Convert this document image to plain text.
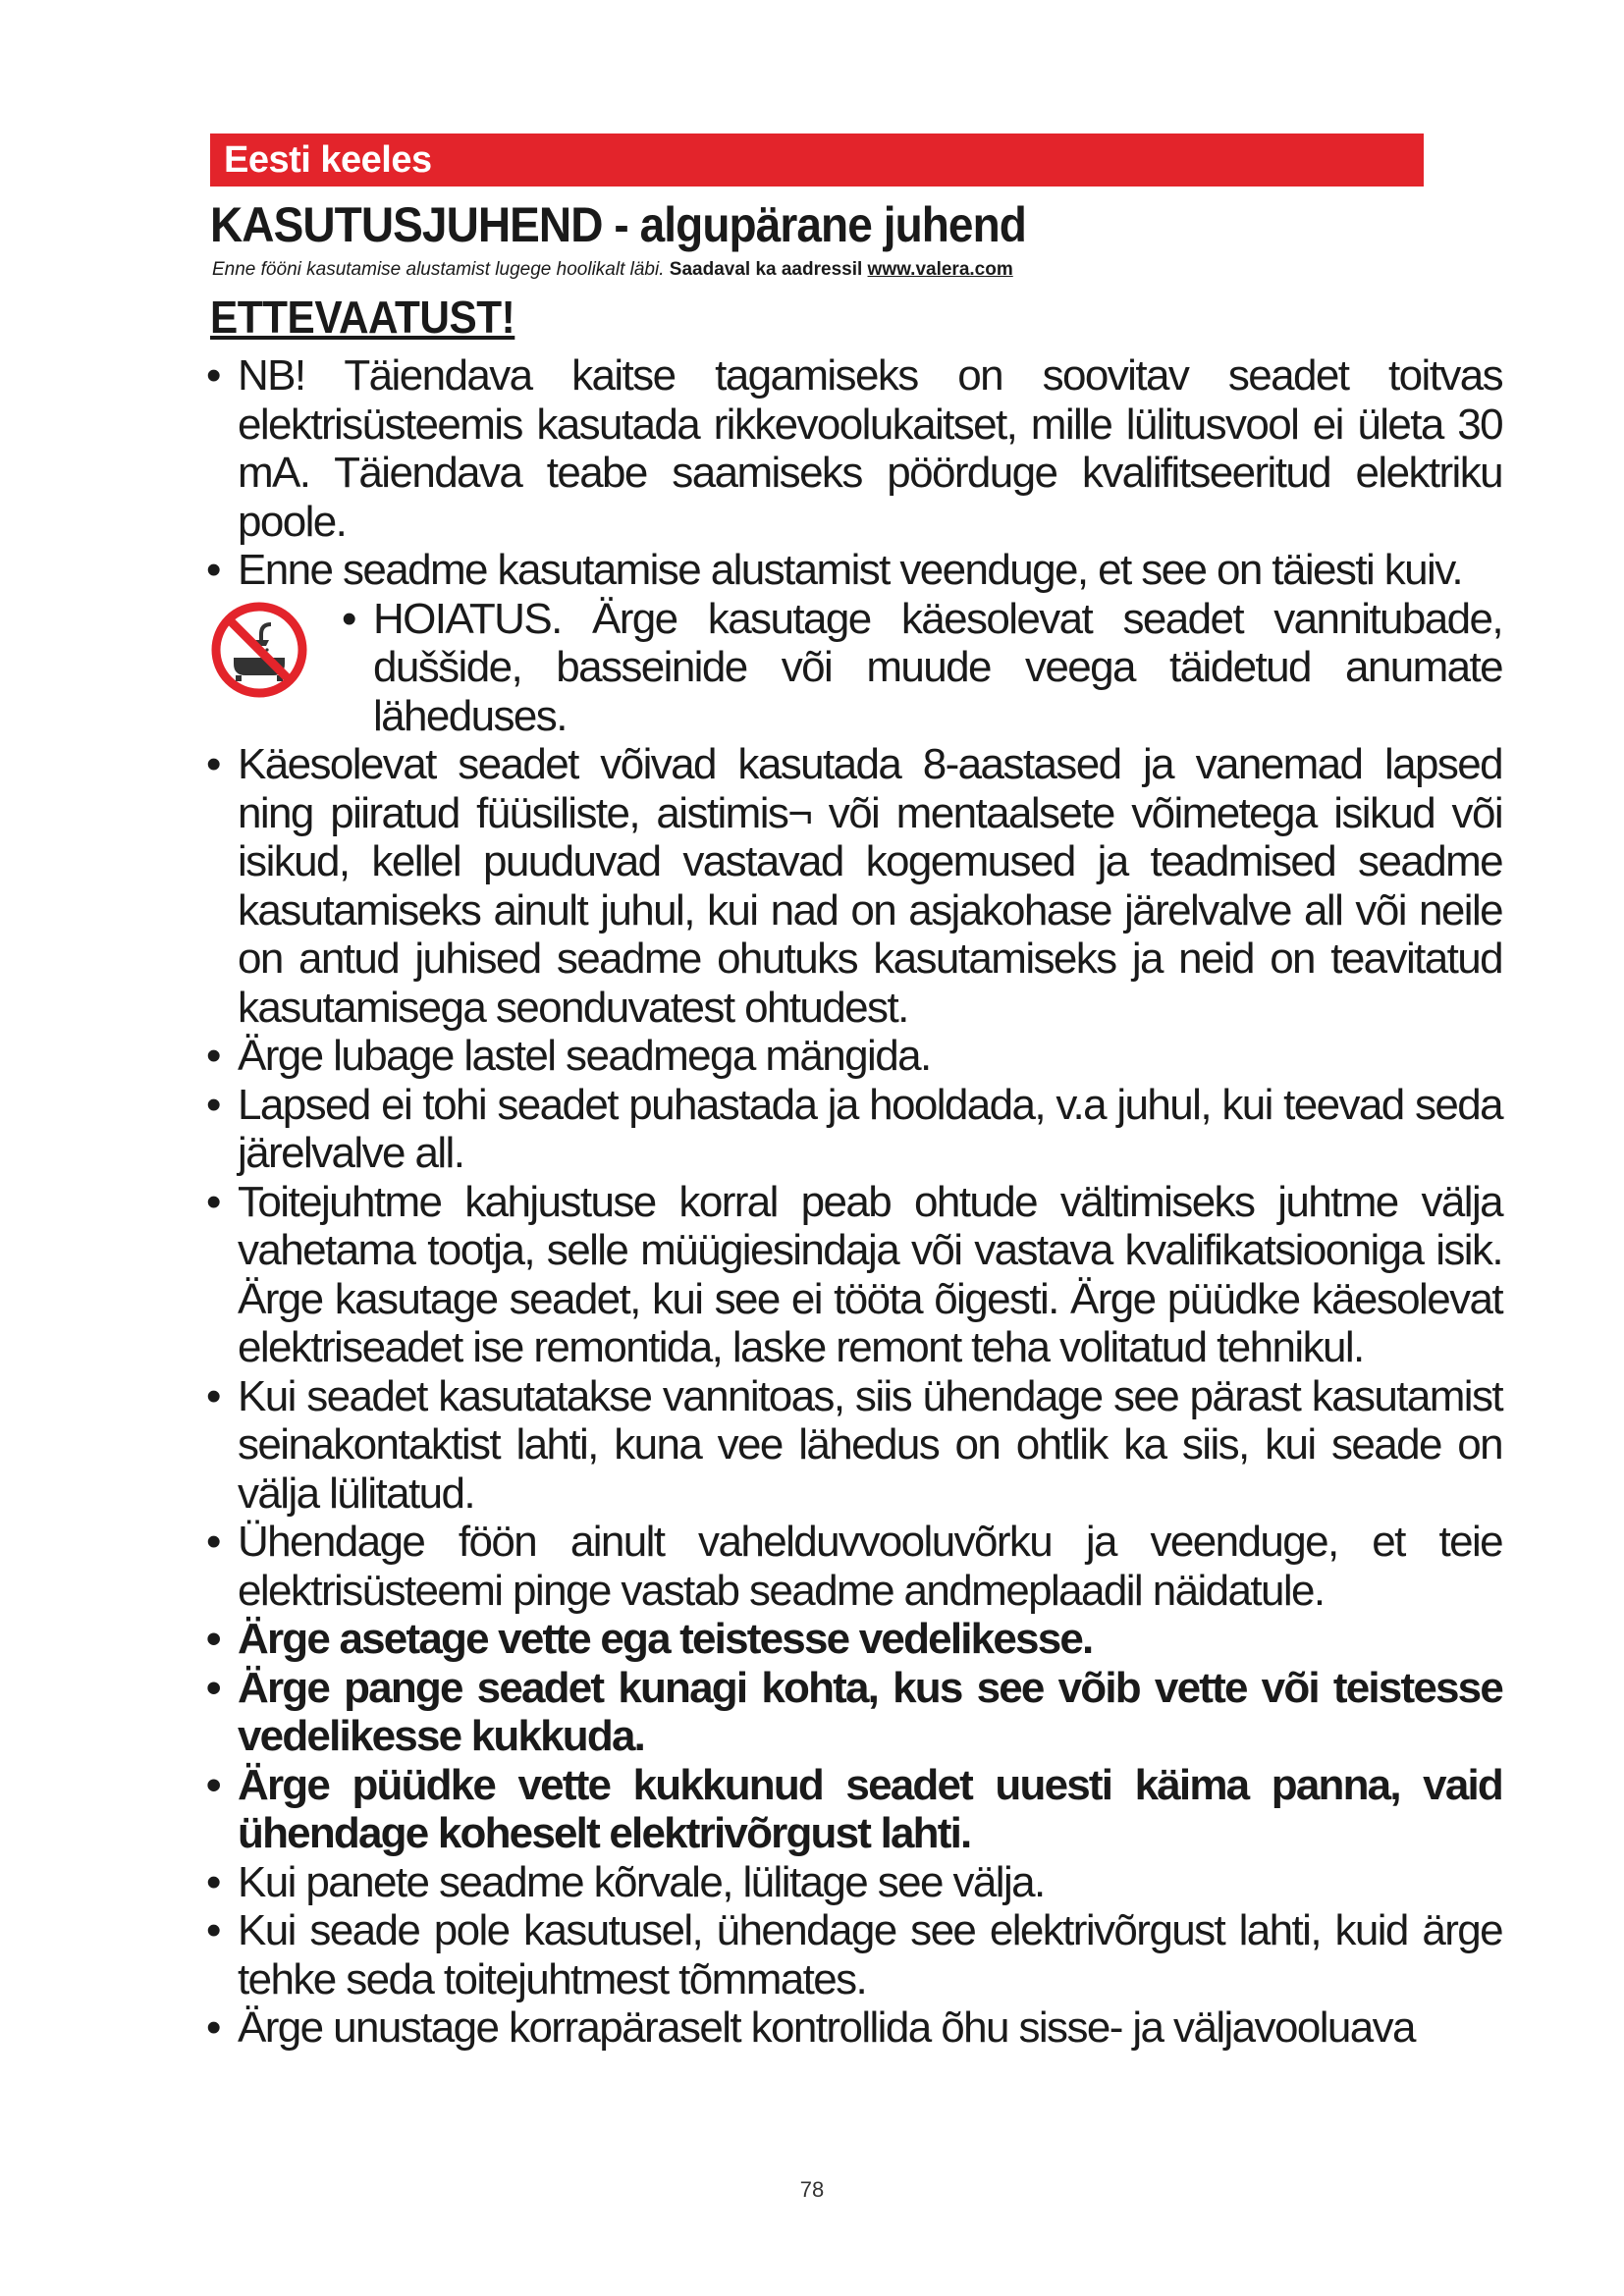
Eesti keeles
KASUTUSJUHEND - algupärane juhend
Enne fööni kasutamise alustamist lugege hoolikalt läbi. Saadaval ka aadressil www.valera.com
ETTEVAATUST!
• NB! Täiendava kaitse tagamiseks on soovitav seadet toitvas elektrisüsteemis kasutada rikkevoolukaitset, mille lülitusvool ei ületa 30 mA. Täiendava teabe saamiseks pöörduge kvalifitseeritud elektriku poole.
• Enne seadme kasutamise alustamist veenduge, et see on täiesti kuiv.
• HOIATUS. Ärge kasutage käesolevat seadet vannitubade, duššide, basseinide või muude veega täidetud anumate läheduses.
• Käesolevat seadet võivad kasutada 8-aastased ja vanemad lapsed ning piiratud füüsiliste, aistimis¬ või mentaalsete võimetega isikud või isikud, kellel puuduvad vastavad kogemused ja teadmised seadme kasutamiseks ainult juhul, kui nad on asjakohase järelvalve all või neile on antud juhised seadme ohutuks kasutamiseks ja neid on teavitatud kasutamisega seonduvatest ohtudest.
• Ärge lubage lastel seadmega mängida.
• Lapsed ei tohi seadet puhastada ja hooldada, v.a juhul, kui teevad seda järelvalve all.
• Toitejuhtme kahjustuse korral peab ohtude vältimiseks juhtme välja vahetama tootja, selle müügiesindaja või vastava kvalifikatsiooniga isik. Ärge kasutage seadet, kui see ei tööta õigesti. Ärge püüdke käesolevat elektriseadet ise remontida, laske remont teha volitatud tehnikul.
• Kui seadet kasutatakse vannitoas, siis ühendage see pärast kasutamist seinakontaktist lahti, kuna vee lähedus on ohtlik ka siis, kui seade on välja lülitatud.
• Ühendage föön ainult vahelduvvooluvõrku ja veenduge, et teie elektrisüsteemi pinge vastab seadme andmeplaadil näidatule.
• Ärge asetage vette ega teistesse vedelikesse.
• Ärge pange seadet kunagi kohta, kus see võib vette või teistesse vedelikesse kukkuda.
• Ärge püüdke vette kukkunud seadet uuesti käima panna, vaid ühendage koheselt elektrivõrgust lahti.
• Kui panete seadme kõrvale, lülitage see välja.
• Kui seade pole kasutusel, ühendage see elektrivõrgust lahti, kuid ärge tehke seda toitejuhtmest tõmmates.
• Ärge unustage korrapäraselt kontrollida õhu sisse- ja väljavooluava
78
